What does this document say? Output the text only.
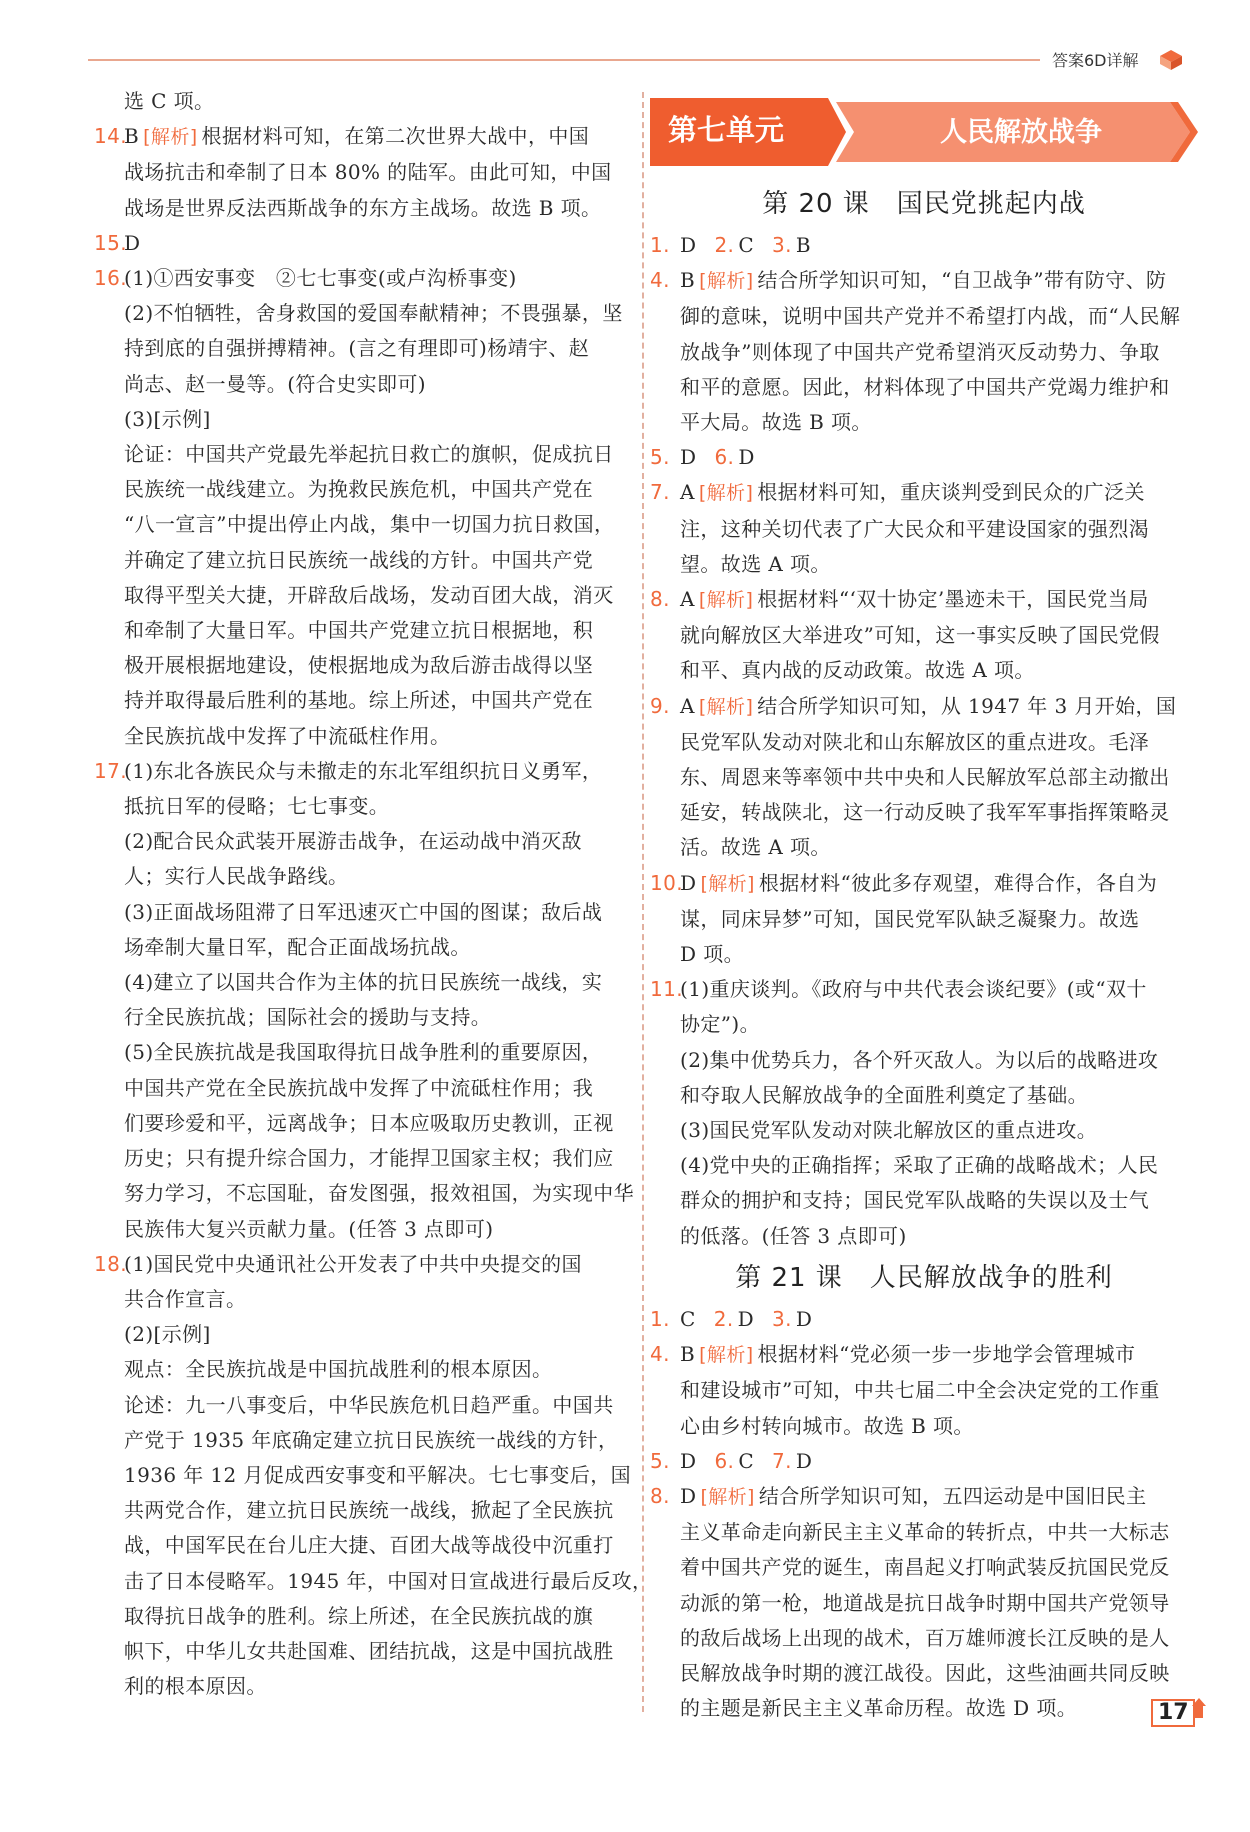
答案6D详解
选 C 项。
14.
B [解析] 根据材料可知，在第二次世界大战中，中国
战场抗击和牵制了日本 80% 的陆军。由此可知，中国
战场是世界反法西斯战争的东方主战场。故选 B 项。
15.
D
16.
(1)①西安事变　②七七事变(或卢沟桥事变)
(2)不怕牺牲，舍身救国的爱国奉献精神；不畏强暴，坚
持到底的自强拼搏精神。(言之有理即可)杨靖宇、赵
尚志、赵一曼等。(符合史实即可)
(3)[示例]
论证：中国共产党最先举起抗日救亡的旗帜，促成抗日
民族统一战线建立。为挽救民族危机，中国共产党在
“八一宣言”中提出停止内战，集中一切国力抗日救国，
并确定了建立抗日民族统一战线的方针。中国共产党
取得平型关大捷，开辟敌后战场，发动百团大战，消灭
和牵制了大量日军。中国共产党建立抗日根据地，积
极开展根据地建设，使根据地成为敌后游击战得以坚
持并取得最后胜利的基地。综上所述，中国共产党在
全民族抗战中发挥了中流砥柱作用。
17.
(1)东北各族民众与未撤走的东北军组织抗日义勇军，
抵抗日军的侵略；七七事变。
(2)配合民众武装开展游击战争，在运动战中消灭敌
人；实行人民战争路线。
(3)正面战场阻滞了日军迅速灭亡中国的图谋；敌后战
场牵制大量日军，配合正面战场抗战。
(4)建立了以国共合作为主体的抗日民族统一战线，实
行全民族抗战；国际社会的援助与支持。
(5)全民族抗战是我国取得抗日战争胜利的重要原因，
中国共产党在全民族抗战中发挥了中流砥柱作用；我
们要珍爱和平，远离战争；日本应吸取历史教训，正视
历史；只有提升综合国力，才能捍卫国家主权；我们应
努力学习，不忘国耻，奋发图强，报效祖国，为实现中华
民族伟大复兴贡献力量。(任答 3 点即可)
18.
(1)国民党中央通讯社公开发表了中共中央提交的国
共合作宣言。
(2)[示例]
观点：全民族抗战是中国抗战胜利的根本原因。
论述：九一八事变后，中华民族危机日趋严重。中国共
产党于 1935 年底确定建立抗日民族统一战线的方针，
1936 年 12 月促成西安事变和平解决。七七事变后，国
共两党合作，建立抗日民族统一战线，掀起了全民族抗
战，中国军民在台儿庄大捷、百团大战等战役中沉重打
击了日本侵略军。1945 年，中国对日宣战进行最后反攻，
取得抗日战争的胜利。综上所述，在全民族抗战的旗
帜下，中华儿女共赴国难、团结抗战，这是中国抗战胜
利的根本原因。
第七单元	人民解放战争
第 20 课　国民党挑起内战
1. D 2. C 3. B
4. B [解析] 结合所学知识可知，“自卫战争”带有防守、防
御的意味，说明中国共产党并不希望打内战，而“人民解
放战争”则体现了中国共产党希望消灭反动势力、争取
和平的意愿。因此，材料体现了中国共产党竭力维护和
平大局。故选 B 项。
5. D 6. D
7. A [解析] 根据材料可知，重庆谈判受到民众的广泛关
注，这种关切代表了广大民众和平建设国家的强烈渴
望。故选 A 项。
8. A [解析] 根据材料“‘双十协定’墨迹未干，国民党当局
就向解放区大举进攻”可知，这一事实反映了国民党假
和平、真内战的反动政策。故选 A 项。
9. A [解析] 结合所学知识可知，从 1947 年 3 月开始，国
民党军队发动对陕北和山东解放区的重点进攻。毛泽
东、周恩来等率领中共中央和人民解放军总部主动撤出
延安，转战陕北，这一行动反映了我军军事指挥策略灵
活。故选 A 项。
10.
D [解析] 根据材料“彼此多存观望，难得合作，各自为
谋，同床异梦”可知，国民党军队缺乏凝聚力。故选
D 项。
11.
(1)重庆谈判。《政府与中共代表会谈纪要》(或“双十
协定”)。
(2)集中优势兵力，各个歼灭敌人。为以后的战略进攻
和夺取人民解放战争的全面胜利奠定了基础。
(3)国民党军队发动对陕北解放区的重点进攻。
(4)党中央的正确指挥；采取了正确的战略战术；人民
群众的拥护和支持；国民党军队战略的失误以及士气
的低落。(任答 3 点即可)
第 21 课　人民解放战争的胜利
1. C 2. D 3. D
4. B [解析] 根据材料“党必须一步一步地学会管理城市
和建设城市”可知，中共七届二中全会决定党的工作重
心由乡村转向城市。故选 B 项。
5. D 6. C 7. D
8. D [解析] 结合所学知识可知，五四运动是中国旧民主
主义革命走向新民主主义革命的转折点，中共一大标志
着中国共产党的诞生，南昌起义打响武装反抗国民党反
动派的第一枪，地道战是抗日战争时期中国共产党领导
的敌后战场上出现的战术，百万雄师渡长江反映的是人
民解放战争时期的渡江战役。因此，这些油画共同反映
的主题是新民主主义革命历程。故选 D 项。	17
